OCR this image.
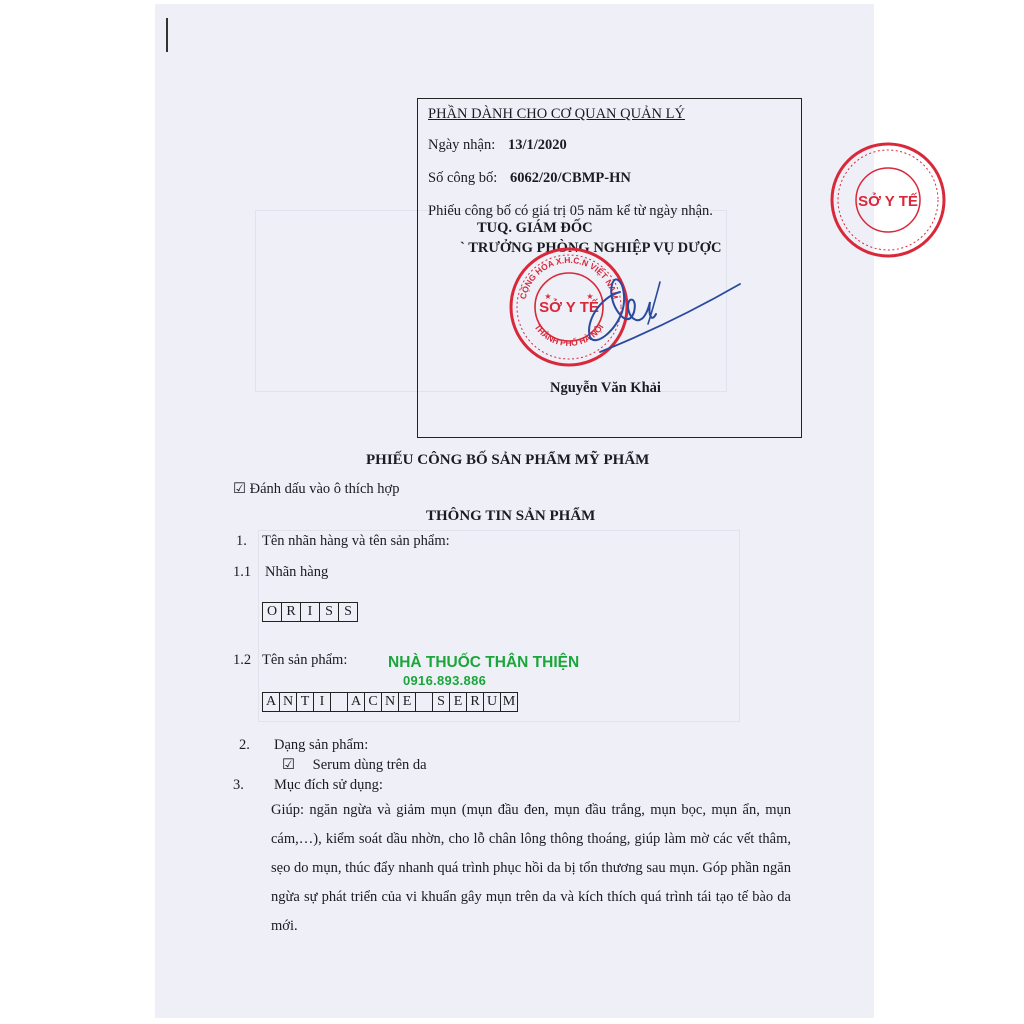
PHẦN DÀNH CHO CƠ QUAN QUẢN LÝ
Ngày nhận: 13/1/2020
Số công bố: 6062/20/CBMP-HN
Phiếu công bố có giá trị 05 năm kể từ ngày nhận.
TUQ. GIÁM ĐỐC
` TRƯỞNG PHÒNG NGHIỆP VỤ DƯỢC
CỘNG HÒA X.H.C.N VIỆT NAM
THÀNH PHỐ HÀ NỘI
SỞ Y TẾ
★	★
SỞ Y TẾ
Nguyễn Văn Khải
PHIẾU CÔNG BỐ SẢN PHẨM MỸ PHẨM
☑ Đánh dấu vào ô thích hợp
THÔNG TIN SẢN PHẨM
1. Tên nhãn hàng và tên sản phẩm:
1.1 Nhãn hàng
O R I S S
1.2 Tên sản phẩm:
A N T I	A C N E	S E R U M
NHÀ THUỐC THÂN THIỆN
0916.893.886
2. Dạng sản phẩm:
☑ Serum dùng trên da
3. Mục đích sử dụng:
Giúp: ngăn ngừa và giảm mụn (mụn đầu đen, mụn đầu trắng, mụn bọc, mụn ẩn, mụn cám,…), kiểm soát dầu nhờn, cho lỗ chân lông thông thoáng, giúp làm mờ các vết thâm, sẹo do mụn, thúc đẩy nhanh quá trình phục hồi da bị tổn thương sau mụn. Góp phần ngăn ngừa sự phát triển của vi khuẩn gây mụn trên da và kích thích quá trình tái tạo tế bào da mới.
